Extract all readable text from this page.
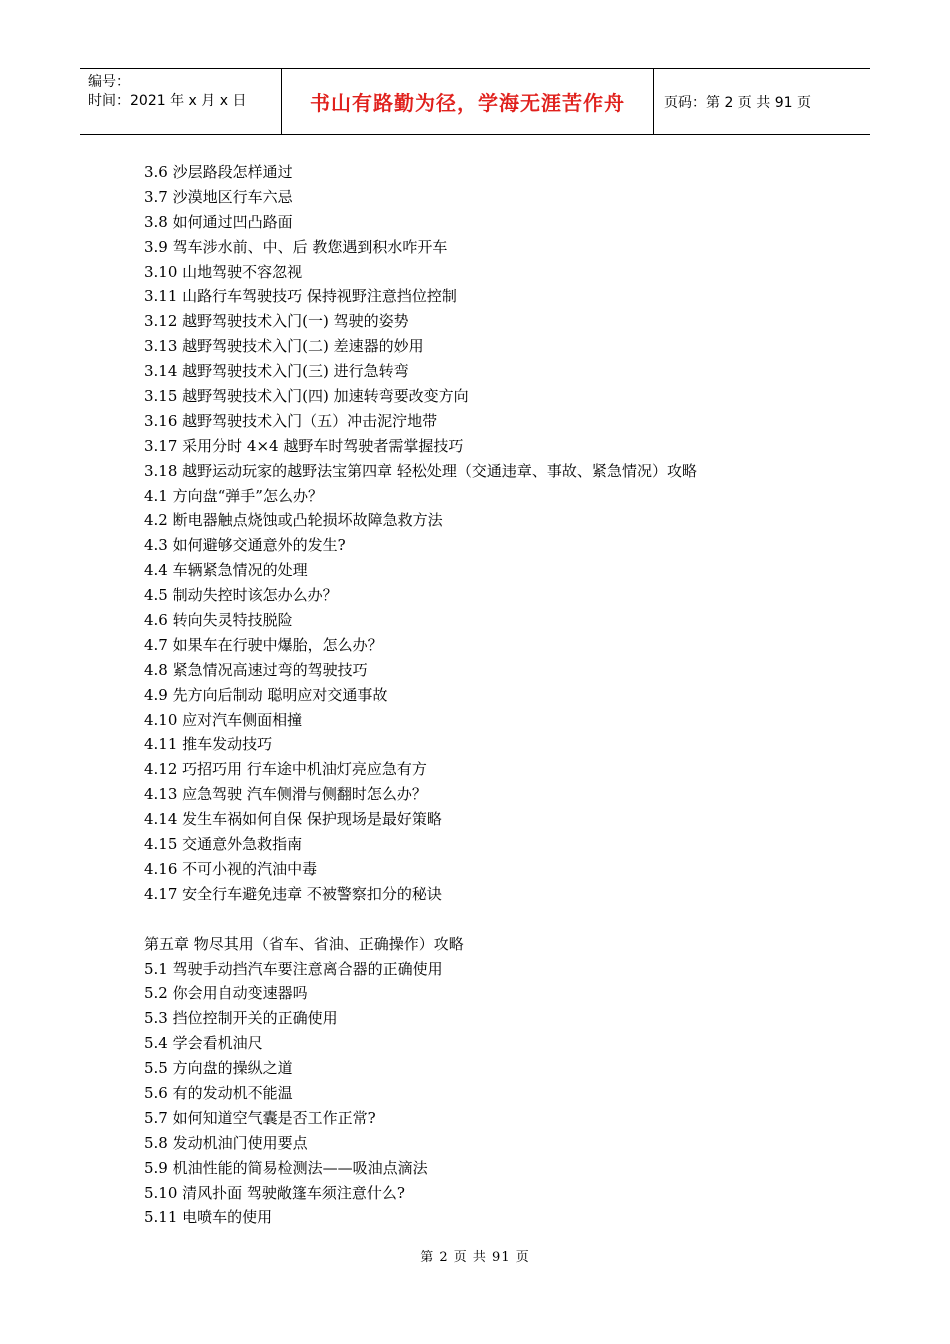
编号：
时间：2021 年 x 月 x 日	书山有路勤为径，学海无涯苦作舟	页码：第 2 页 共 91 页
3.6 沙层路段怎样通过
3.7 沙漠地区行车六忌
3.8 如何通过凹凸路面
3.9 驾车涉水前、中、后 教您遇到积水咋开车
3.10 山地驾驶不容忽视
3.11 山路行车驾驶技巧 保持视野注意挡位控制
3.12 越野驾驶技术入门(一) 驾驶的姿势
3.13 越野驾驶技术入门(二) 差速器的妙用
3.14 越野驾驶技术入门(三) 进行急转弯
3.15 越野驾驶技术入门(四) 加速转弯要改变方向
3.16 越野驾驶技术入门（五）冲击泥泞地带
3.17 采用分时 4×4 越野车时驾驶者需掌握技巧
3.18 越野运动玩家的越野法宝第四章 轻松处理（交通违章、事故、紧急情况）攻略
4.1 方向盘“弹手”怎么办？
4.2 断电器触点烧蚀或凸轮损坏故障急救方法
4.3 如何避够交通意外的发生?
4.4 车辆紧急情况的处理
4.5 制动失控时该怎办么办？
4.6 转向失灵特技脱险
4.7 如果车在行驶中爆胎，怎么办？
4.8 紧急情况高速过弯的驾驶技巧
4.9 先方向后制动 聪明应对交通事故
4.10 应对汽车侧面相撞
4.11 推车发动技巧
4.12 巧招巧用 行车途中机油灯亮应急有方
4.13 应急驾驶 汽车侧滑与侧翻时怎么办？
4.14 发生车祸如何自保 保护现场是最好策略
4.15 交通意外急救指南
4.16 不可小视的汽油中毒
4.17 安全行车避免违章 不被警察扣分的秘诀
第五章 物尽其用（省车、省油、正确操作）攻略
5.1 驾驶手动挡汽车要注意离合器的正确使用
5.2 你会用自动变速器吗
5.3 挡位控制开关的正确使用
5.4 学会看机油尺
5.5 方向盘的操纵之道
5.6 有的发动机不能温
5.7 如何知道空气囊是否工作正常?
5.8 发动机油门使用要点
5.9 机油性能的简易检测法——吸油点滴法
5.10 清风扑面 驾驶敞篷车须注意什么?
5.11 电喷车的使用
第 2 页 共 91 页
